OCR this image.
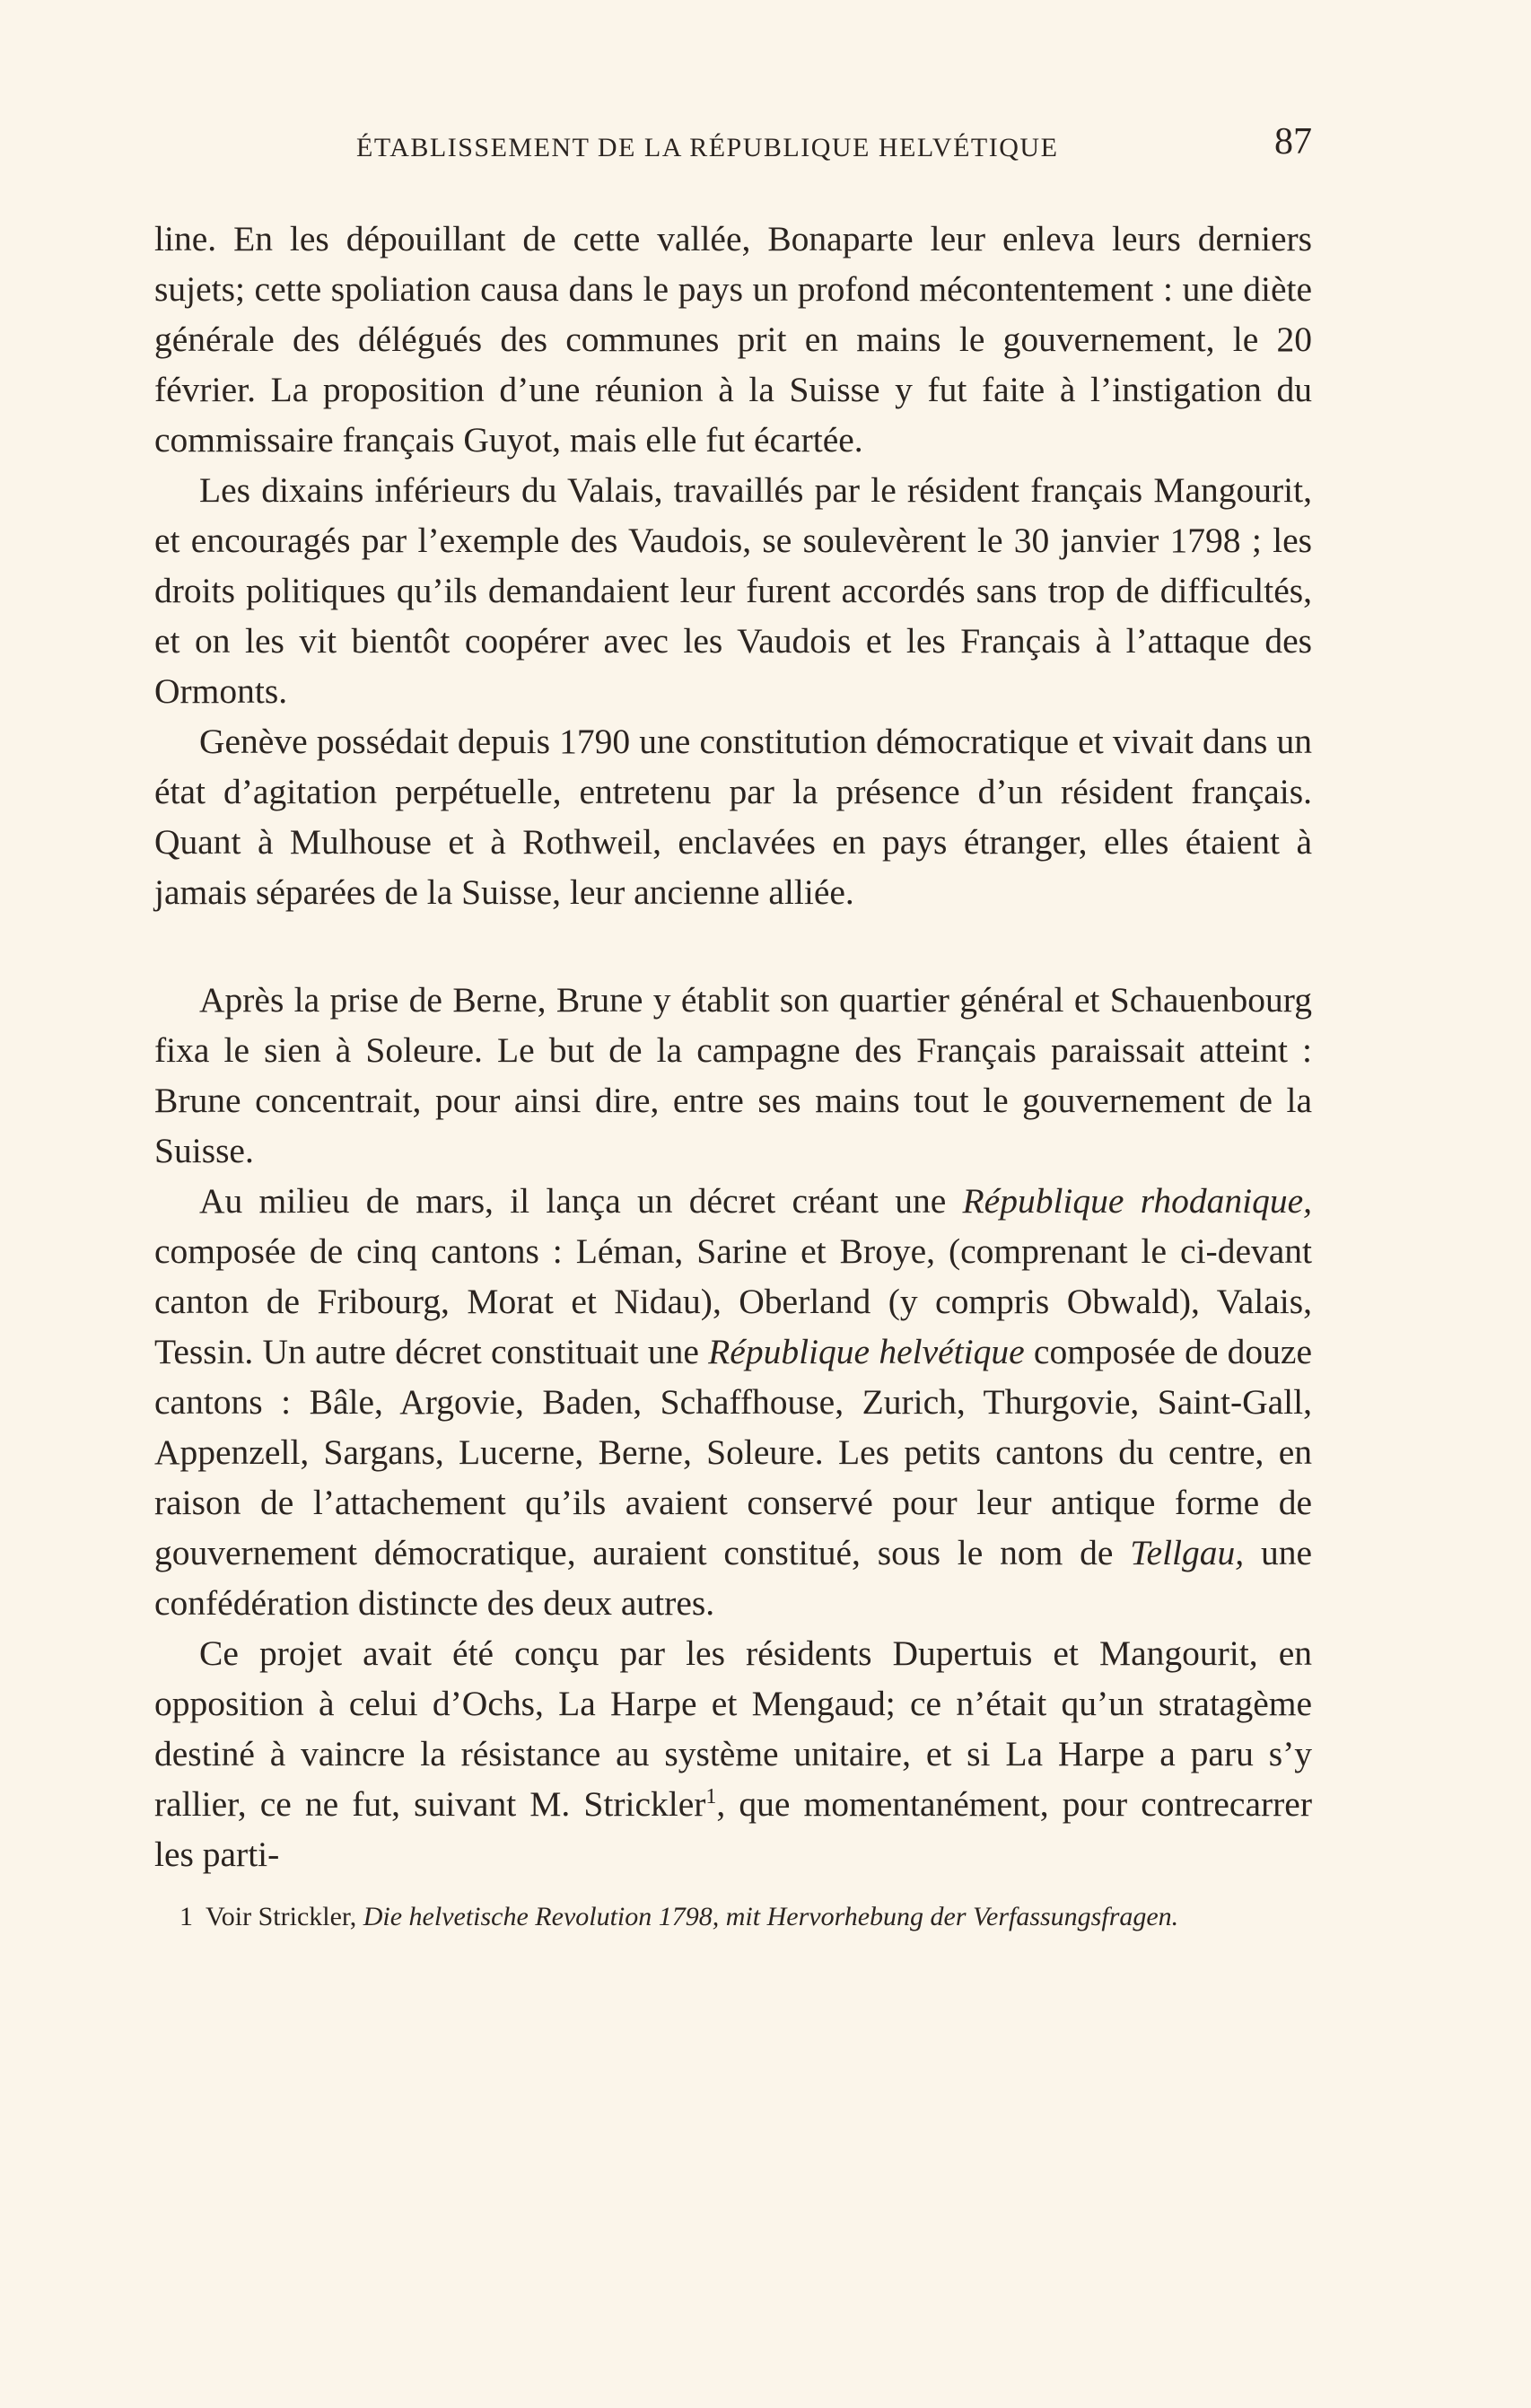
ÉTABLISSEMENT DE LA RÉPUBLIQUE HELVÉTIQUE	87

line. En les dépouillant de cette vallée, Bonaparte leur enleva leurs derniers sujets; cette spoliation causa dans le pays un profond mécontentement : une diète générale des délégués des communes prit en mains le gouvernement, le 20 février. La proposition d’une réunion à la Suisse y fut faite à l’instigation du commissaire français Guyot, mais elle fut écartée.

Les dixains inférieurs du Valais, travaillés par le résident français Mangourit, et encouragés par l’exemple des Vaudois, se soulevèrent le 30 janvier 1798 ; les droits politiques qu’ils demandaient leur furent accordés sans trop de difficultés, et on les vit bientôt coopérer avec les Vaudois et les Français à l’attaque des Ormonts.

Genève possédait depuis 1790 une constitution démocratique et vivait dans un état d’agitation perpétuelle, entretenu par la présence d’un résident français. Quant à Mulhouse et à Rothweil, enclavées en pays étranger, elles étaient à jamais séparées de la Suisse, leur ancienne alliée.

Après la prise de Berne, Brune y établit son quartier général et Schauenbourg fixa le sien à Soleure. Le but de la campagne des Français paraissait atteint : Brune concentrait, pour ainsi dire, entre ses mains tout le gouvernement de la Suisse.

Au milieu de mars, il lança un décret créant une République rhodanique, composée de cinq cantons : Léman, Sarine et Broye, (comprenant le ci-devant canton de Fribourg, Morat et Nidau), Oberland (y compris Obwald), Valais, Tessin. Un autre décret constituait une République helvétique composée de douze cantons : Bâle, Argovie, Baden, Schaffhouse, Zurich, Thurgovie, Saint-Gall, Appenzell, Sargans, Lucerne, Berne, Soleure. Les petits cantons du centre, en raison de l’attachement qu’ils avaient conservé pour leur antique forme de gouvernement démocratique, auraient constitué, sous le nom de Tellgau, une confédération distincte des deux autres.

Ce projet avait été conçu par les résidents Dupertuis et Mangourit, en opposition à celui d’Ochs, La Harpe et Mengaud; ce n’était qu’un stratagème destiné à vaincre la résistance au système unitaire, et si La Harpe a paru s’y rallier, ce ne fut, suivant M. Strickler$^1$, que momentanément, pour contrecarrer les parti-

1 Voir Strickler, Die helvetische Revolution 1798, mit Hervorhebung der Verfassungsfragen.
